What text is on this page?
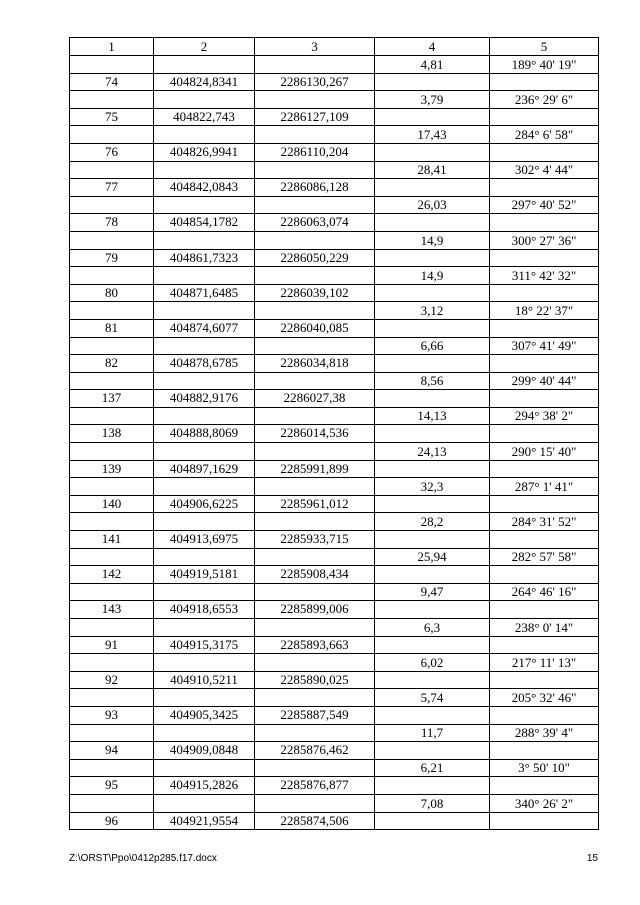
1	2	3	4	5
			4,81	189° 40' 19"
74	404824,8341	2286130,267		
			3,79	236° 29' 6"
75	404822,743	2286127,109		
			17,43	284° 6' 58"
76	404826,9941	2286110,204		
			28,41	302° 4' 44"
77	404842,0843	2286086,128		
			26,03	297° 40' 52"
78	404854,1782	2286063,074		
			14,9	300° 27' 36"
79	404861,7323	2286050,229		
			14,9	311° 42' 32"
80	404871,6485	2286039,102		
			3,12	18° 22' 37"
81	404874,6077	2286040,085		
			6,66	307° 41' 49"
82	404878,6785	2286034,818		
			8,56	299° 40' 44"
137	404882,9176	2286027,38		
			14,13	294° 38' 2"
138	404888,8069	2286014,536		
			24,13	290° 15' 40"
139	404897,1629	2285991,899		
			32,3	287° 1' 41"
140	404906,6225	2285961,012		
			28,2	284° 31' 52"
141	404913,6975	2285933,715		
			25,94	282° 57' 58"
142	404919,5181	2285908,434		
			9,47	264° 46' 16"
143	404918,6553	2285899,006		
			6,3	238° 0' 14"
91	404915,3175	2285893,663		
			6,02	217° 11' 13"
92	404910,5211	2285890,025		
			5,74	205° 32' 46"
93	404905,3425	2285887,549		
			11,7	288° 39' 4"
94	404909,0848	2285876,462		
			6,21	3° 50' 10"
95	404915,2826	2285876,877		
			7,08	340° 26' 2"
96	404921,9554	2285874,506		
Z:\ORST\Ppo\0412p285.f17.docx	15
